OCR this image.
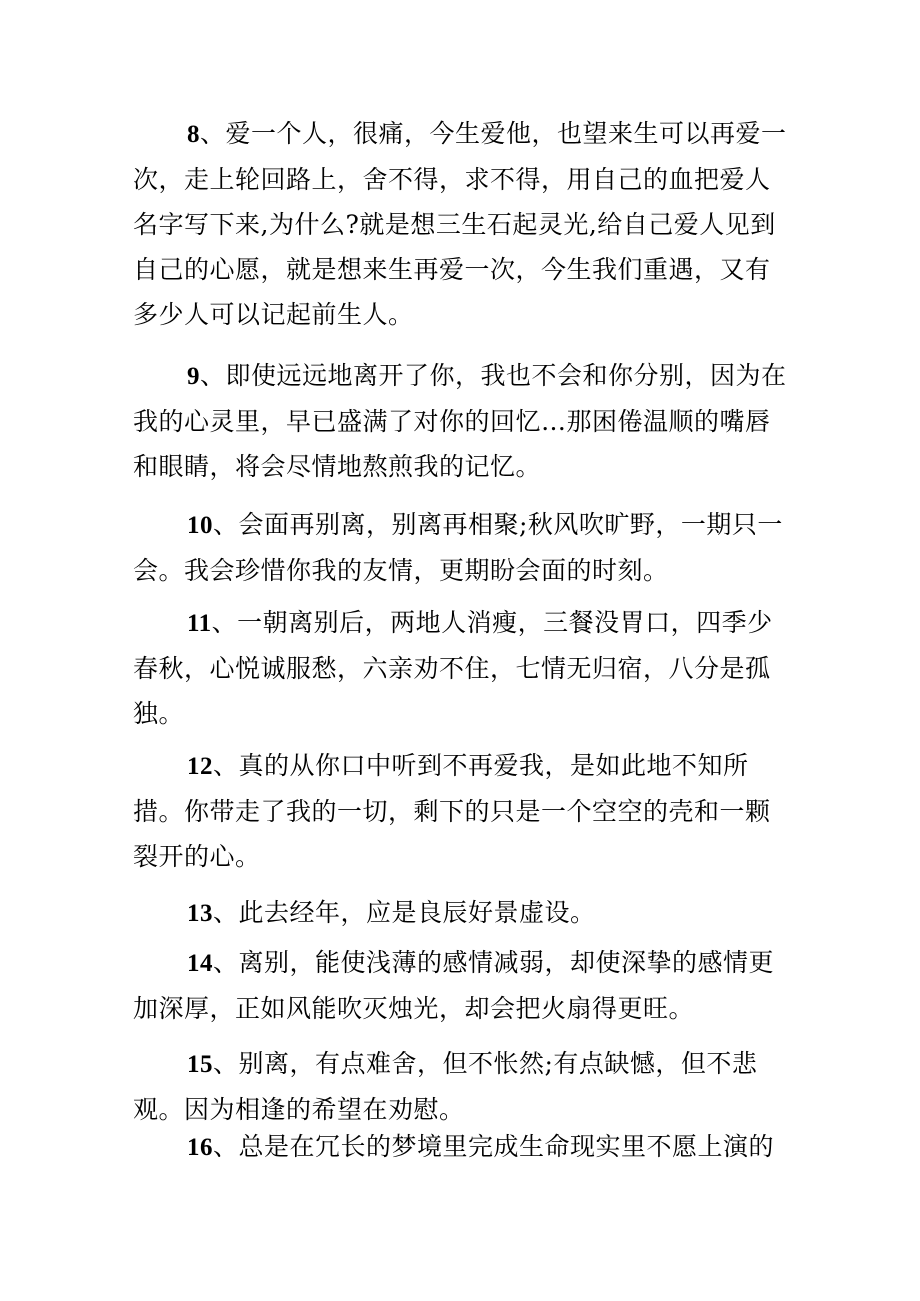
8、爱一个人，很痛，今生爱他，也望来生可以再爱一次，走上轮回路上，舍不得，求不得，用自己的血把爱人名字写下来,为什么?就是想三生石起灵光,给自己爱人见到自己的心愿，就是想来生再爱一次，今生我们重遇，又有多少人可以记起前生人。

9、即使远远地离开了你，我也不会和你分别，因为在我的心灵里，早已盛满了对你的回忆…那困倦温顺的嘴唇和眼睛，将会尽情地熬煎我的记忆。

10、会面再别离，别离再相聚;秋风吹旷野，一期只一会。我会珍惜你我的友情，更期盼会面的时刻。

11、一朝离别后，两地人消瘦，三餐没胃口，四季少春秋，心悦诚服愁，六亲劝不住，七情无归宿，八分是孤独。

12、真的从你口中听到不再爱我，是如此地不知所措。你带走了我的一切，剩下的只是一个空空的壳和一颗裂开的心。

13、此去经年，应是良辰好景虚设。

14、离别，能使浅薄的感情减弱，却使深挚的感情更加深厚，正如风能吹灭烛光，却会把火扇得更旺。

15、别离，有点难舍，但不怅然;有点缺憾，但不悲观。因为相逢的希望在劝慰。

16、总是在冗长的梦境里完成生命现实里不愿上演的
